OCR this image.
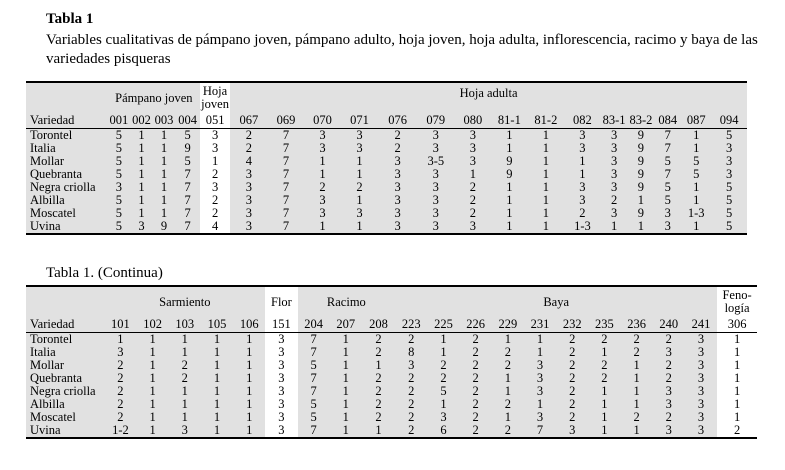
Tabla 1
Variables cualitativas de pámpano joven, pámpano adulto, hoja joven, hoja adulta, inflorescencia, racimo y baya de las variedades pisqueras
	Pámpano joven				Hoja joven	Hoja adulta														
Variedad	001	002	003	004	051	067	069	070	071	076	079	080	81-1	81-2	082	83-1	83-2	084	087	094
Torontel	5	1	1	5	3	2	7	3	3	2	3	3	1	1	3	3	9	7	1	5
Italia	5	1	1	9	3	2	7	3	3	2	3	3	1	1	3	3	9	7	1	3
Mollar	5	1	1	5	1	4	7	1	1	3	3-5	3	9	1	1	3	9	5	5	3
Quebranta	5	1	1	7	2	3	7	1	1	3	3	1	9	1	1	3	9	7	5	3
Negra criolla	3	1	1	7	3	3	7	2	2	3	3	2	1	1	3	3	9	5	1	5
Albilla	5	1	1	7	2	3	7	3	1	3	3	2	1	1	3	2	1	5	1	5
Moscatel	5	1	1	7	2	3	7	3	3	3	3	2	1	1	2	3	9	3	1-3	5
Uvina	5	3	9	7	4	3	7	1	1	3	3	3	1	1	1-3	1	1	3	1	5
Tabla 1. (Continua)
	Sarmiento					Flor	Racimo			Baya										Feno-logía
Variedad	101	102	103	105	106	151	204	207	208	223	225	226	229	231	232	235	236	240	241	306
Torontel	1	1	1	1	1	3	7	1	2	2	1	2	1	1	2	2	2	2	3	1
Italia	3	1	1	1	1	3	7	1	2	8	1	2	2	1	2	1	2	3	3	1
Mollar	2	1	2	1	1	3	5	1	1	3	2	2	2	3	2	2	1	2	3	1
Quebranta	2	1	2	1	1	3	7	1	2	2	2	2	1	3	2	2	1	2	3	1
Negra criolla	2	1	1	1	1	3	7	1	2	2	5	2	1	3	2	1	1	3	3	1
Albilla	2	1	1	1	1	3	5	1	2	2	1	2	2	1	2	1	1	3	3	1
Moscatel	2	1	1	1	1	3	5	1	2	2	3	2	1	3	2	1	2	2	3	1
Uvina	1-2	1	3	1	1	3	7	1	1	2	6	2	2	7	3	1	1	3	3	2
